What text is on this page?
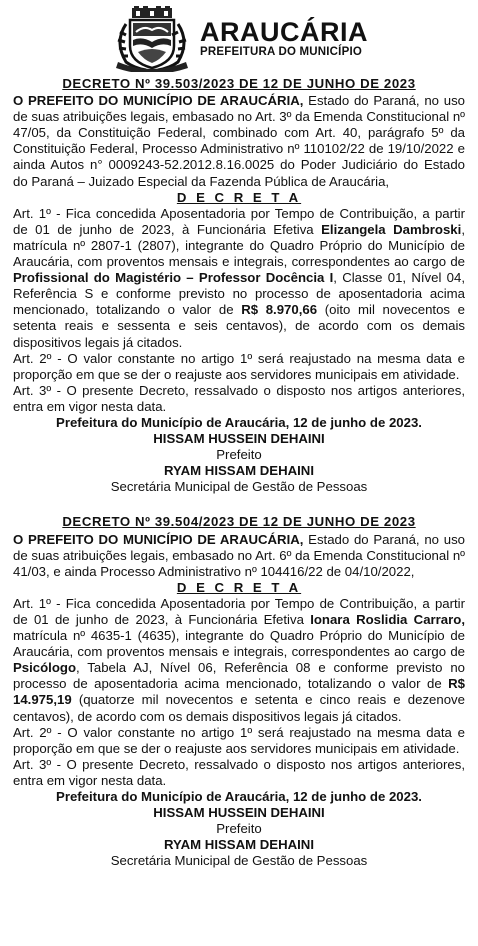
ARAUCÁRIA
PREFEITURA DO MUNICÍPIO
DECRETO Nº 39.503/2023 DE 12 DE JUNHO DE 2023

O PREFEITO DO MUNICÍPIO DE ARAUCÁRIA, Estado do Paraná, no uso de suas atribuições legais, embasado no Art. 3º da Emenda Constitucional nº 47/05, da Constituição Federal, combinado com Art. 40, parágrafo 5º da Constituição Federal, Processo Administrativo nº 110102/22 de 19/10/2022 e ainda Autos n° 0009243-52.2012.8.16.0025 do Poder Judiciário do Estado do Paraná – Juizado Especial da Fazenda Pública de Araucária,

D E C R E T A

Art. 1º - Fica concedida Aposentadoria por Tempo de Contribuição, a partir de 01 de junho de 2023, à Funcionária Efetiva Elizangela Dambroski, matrícula nº 2807-1 (2807), integrante do Quadro Próprio do Município de Araucária, com proventos mensais e integrais, correspondentes ao cargo de Profissional do Magistério – Professor Docência I, Classe 01, Nível 04, Referência S e conforme previsto no processo de aposentadoria acima mencionado, totalizando o valor de R$ 8.970,66 (oito mil novecentos e setenta reais e sessenta e seis centavos), de acordo com os demais dispositivos legais já citados.

Art. 2º - O valor constante no artigo 1º será reajustado na mesma data e proporção em que se der o reajuste aos servidores municipais em atividade.

Art. 3º - O presente Decreto, ressalvado o disposto nos artigos anteriores, entra em vigor nesta data.

Prefeitura do Município de Araucária, 12 de junho de 2023.
HISSAM HUSSEIN DEHAINI
Prefeito
RYAM HISSAM DEHAINI
Secretária Municipal de Gestão de Pessoas
DECRETO Nº 39.504/2023 DE 12 DE JUNHO DE 2023

O PREFEITO DO MUNICÍPIO DE ARAUCÁRIA, Estado do Paraná, no uso de suas atribuições legais, embasado no Art. 6º da Emenda Constitucional nº 41/03, e ainda Processo Administrativo nº 104416/22 de 04/10/2022,

D E C R E T A

Art. 1º - Fica concedida Aposentadoria por Tempo de Contribuição, a partir de 01 de junho de 2023, à Funcionária Efetiva Ionara Roslidia Carraro, matrícula nº 4635-1 (4635), integrante do Quadro Próprio do Município de Araucária, com proventos mensais e integrais, correspondentes ao cargo de Psicólogo, Tabela AJ, Nível 06, Referência 08 e conforme previsto no processo de aposentadoria acima mencionado, totalizando o valor de R$ 14.975,19 (quatorze mil novecentos e setenta e cinco reais e dezenove centavos), de acordo com os demais dispositivos legais já citados.

Art. 2º - O valor constante no artigo 1º será reajustado na mesma data e proporção em que se der o reajuste aos servidores municipais em atividade.

Art. 3º - O presente Decreto, ressalvado o disposto nos artigos anteriores, entra em vigor nesta data.

Prefeitura do Município de Araucária, 12 de junho de 2023.
HISSAM HUSSEIN DEHAINI
Prefeito
RYAM HISSAM DEHAINI
Secretária Municipal de Gestão de Pessoas
